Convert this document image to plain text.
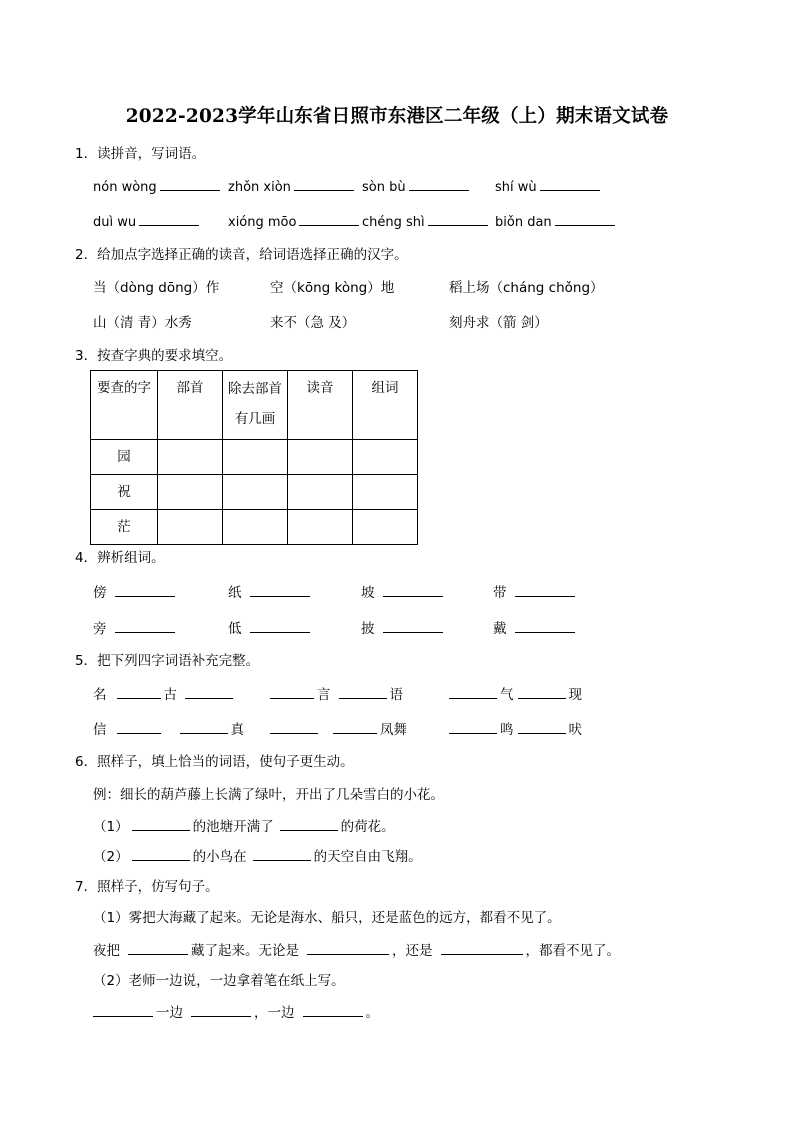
2022-2023学年山东省日照市东港区二年级（上）期末语文试卷
1．读拼音，写词语。
nón wòng	zhǒn xiòn	sòn bù	shí wù
duì wu	xióng mōo	chéng shì	biǒn dan
2．给加点字选择正确的读音，给词语选择正确的汉字。
当（dòng dōng）作	空（kōng kòng）地	稻上场（cháng chǒng）
山（清 青）水秀	来不（急 及）	刻舟求（箭 剑）
3．按查字典的要求填空。
要查的字	部首	除去部首有几画	读音	组词
园				
祝				
茫				
4．辨析组词。
傍	纸	坡	带
旁	低	披	戴
5．把下列四字词语补充完整。
名	古	言	语	气	现
信	真	凤舞	鸣	吠
6．照样子，填上恰当的词语，使句子更生动。
例：细长的葫芦藤上长满了绿叶，开出了几朵雪白的小花。
（1）	的池塘开满了	的荷花。
（2）	的小鸟在	的天空自由飞翔。
7．照样子，仿写句子。
（1）雾把大海藏了起来。无论是海水、船只，还是蓝色的远方，都看不见了。
夜把	藏了起来。无论是	，还是	，都看不见了。
（2）老师一边说，一边拿着笔在纸上写。
一边	，一边	。
